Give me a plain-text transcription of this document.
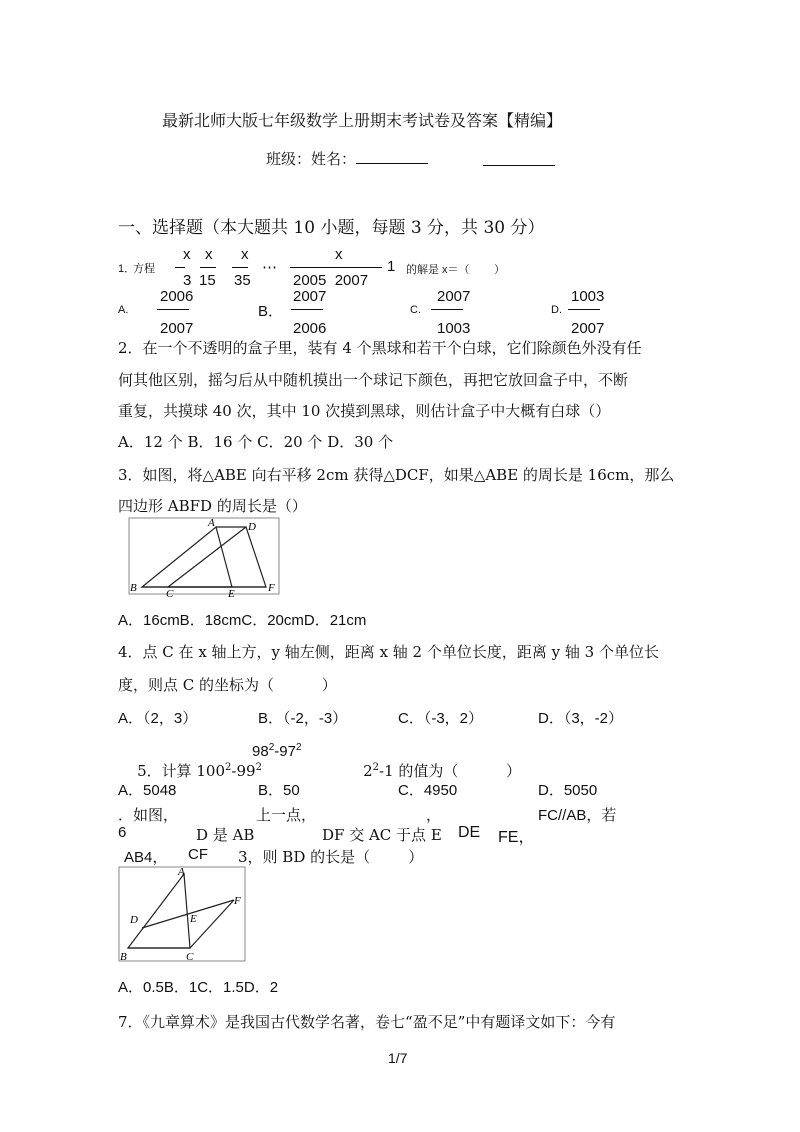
最新北师大版七年级数学上册期末考试卷及答案【精编】
班级：姓名：
一、选择题（本大题共 10 小题，每题 3 分，共 30 分）
1．
方程
x
3
x
15
x
35
⋯
x
2005  2007
1 的解是 x＝（        ）
A.
2006
2007
B．
2007
2006
C.
2007
1003
D.
1003
2007
2．在一个不透明的盒子里，装有 4 个黑球和若干个白球，它们除颜色外没有任
何其他区别，摇匀后从中随机摸出一个球记下颜色，再把它放回盒子中，不断
重复，共摸球 40 次，其中 10 次摸到黑球，则估计盒子中大概有白球（）
A．12 个 B．16 个 C．20 个 D．30 个
3．如图，将△ABE 向右平移 2cm 获得△DCF，如果△ABE 的周长是 16cm，那么
四边形 ABFD 的周长是（）
A	D
B	C	E	F
A．16cmB．18cmC．20cmD．21cm
4．点 C 在 x 轴上方，y 轴左侧，距离 x 轴 2 个单位长度，距离 y 轴 3 个单位长
度，则点 C 的坐标为（          ）
A．（2，3）	B．（-2，-3）	C．（-3，2）	D．（3，-2）

5．计算 $100^2-99^2$

$98^2-97^2$

$2^2-1$ 的值为（          ）

A．5048	B．50	C．4950	D．5050
．如图，	上一点，	，	FC//AB，若
6	D 是 AB	DF 交 AC 于点 E DE FE，
AB4， CF 3，则 BD 的长是（        ）
A
D	E
F
B	C
A．0.5B．1C．1.5D．2
7．《九章算术》是我国古代数学名著，卷七“盈不足”中有题译文如下：今有
1/7
